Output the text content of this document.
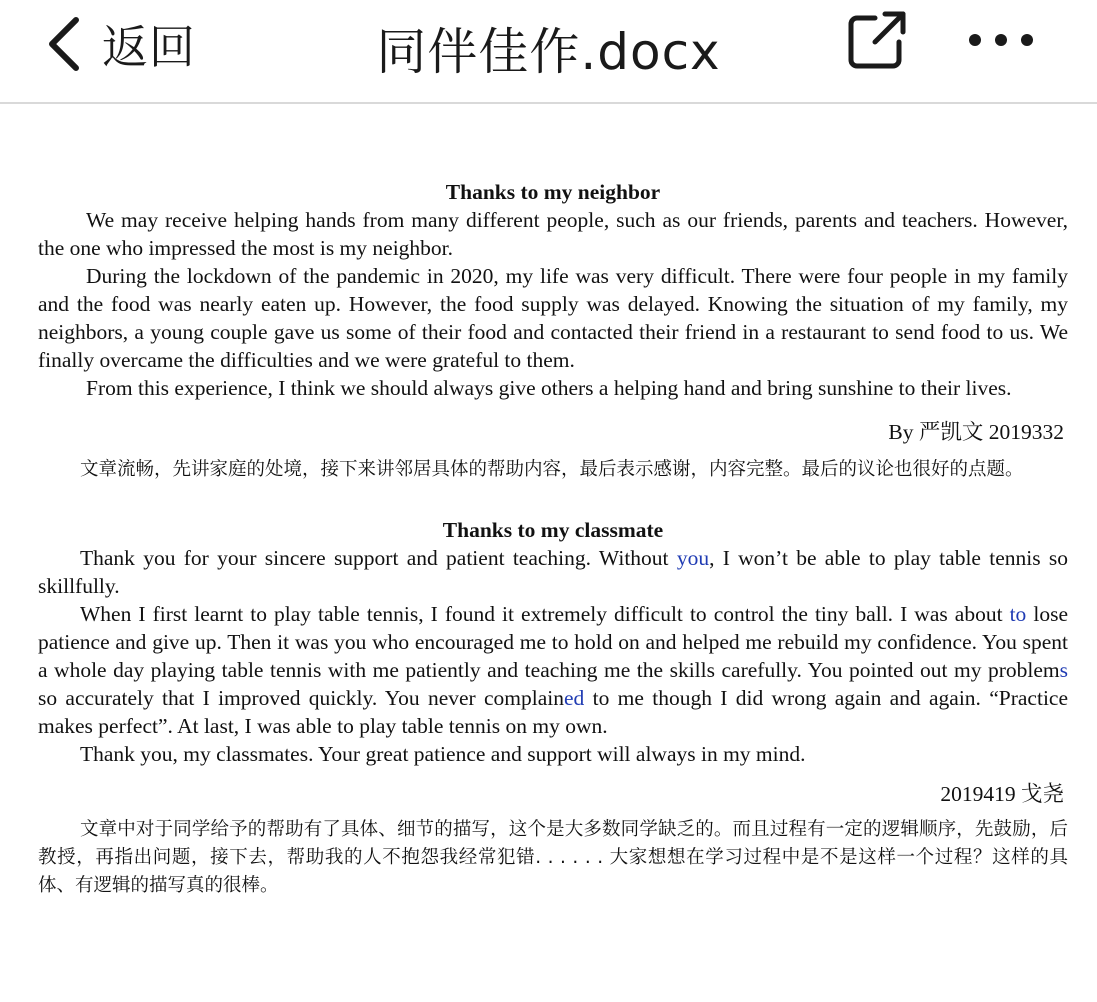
返回	同伴佳作.docx
Thanks to my neighbor

We may receive helping hands from many different people, such as our friends, parents and teachers. However, the one who impressed the most is my neighbor.

During the lockdown of the pandemic in 2020, my life was very difficult. There were four people in my family and the food was nearly eaten up. However, the food supply was delayed. Knowing the situation of my family, my neighbors, a young couple gave us some of their food and contacted their friend in a restaurant to send food to us. We finally overcame the difficulties and we were grateful to them.

From this experience, I think we should always give others a helping hand and bring sunshine to their lives.

By 严凯文 2019332

文章流畅，先讲家庭的处境，接下来讲邻居具体的帮助内容，最后表示感谢，内容完整。最后的议论也很好的点题。

Thanks to my classmate

Thank you for your sincere support and patient teaching. Without you, I won’t be able to play table tennis so skillfully.

When I first learnt to play table tennis, I found it extremely difficult to control the tiny ball. I was about to lose patience and give up. Then it was you who encouraged me to hold on and helped me rebuild my confidence. You spent a whole day playing table tennis with me patiently and teaching me the skills carefully. You pointed out my problems so accurately that I improved quickly. You never complained to me though I did wrong again and again. “Practice makes perfect”. At last, I was able to play table tennis on my own.

Thank you, my classmates. Your great patience and support will always in my mind.

2019419 戈尧

文章中对于同学给予的帮助有了具体、细节的描写，这个是大多数同学缺乏的。而且过程有一定的逻辑顺序，先鼓励，后教授，再指出问题，接下去，帮助我的人不抱怨我经常犯错. . . . . . 大家想想在学习过程中是不是这样一个过程？这样的具体、有逻辑的描写真的很棒。
